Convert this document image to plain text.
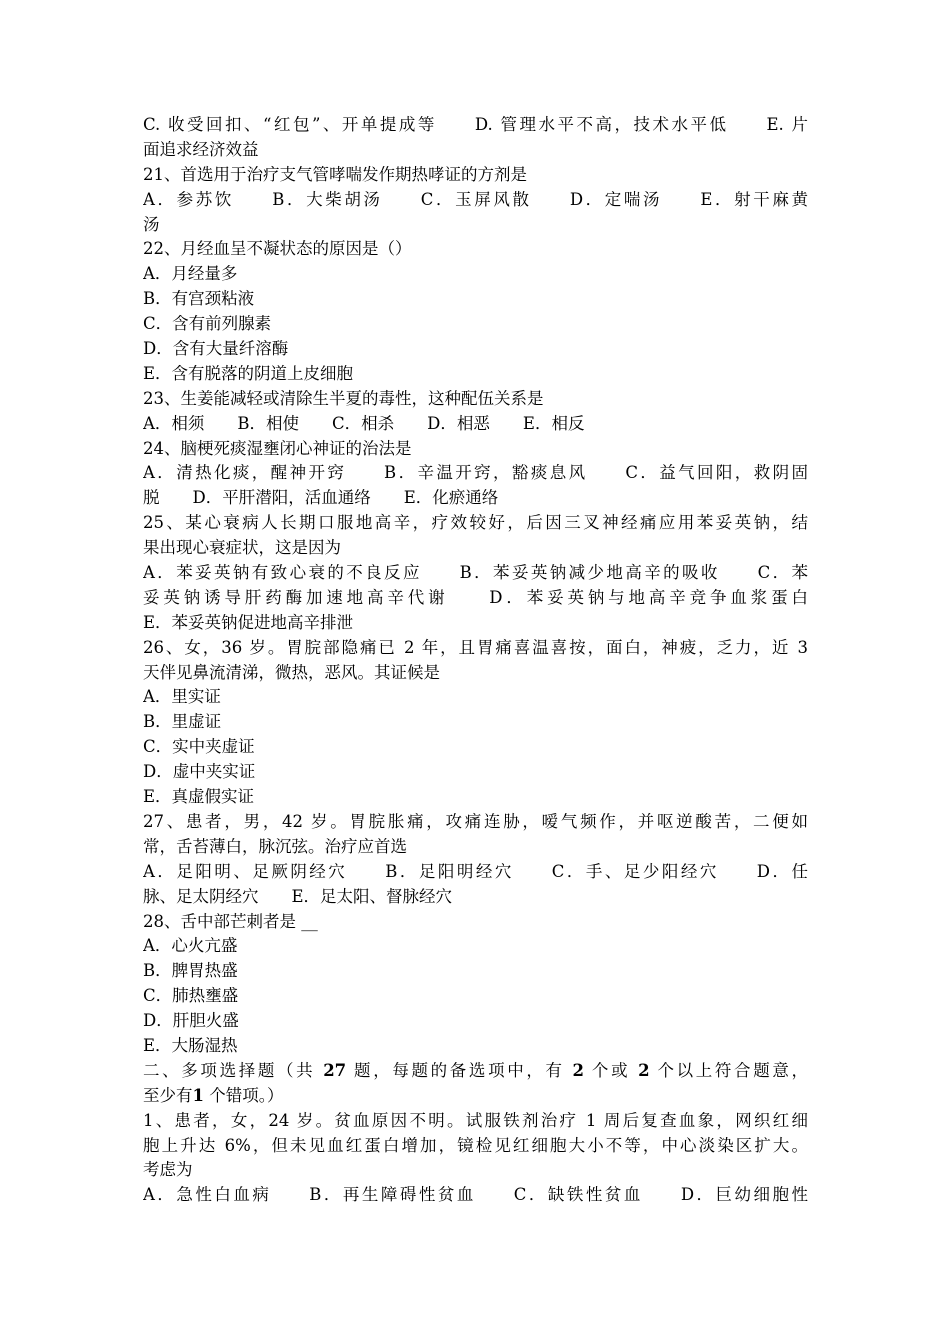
C. 收受回扣、“红包”、开单提成等　　D. 管理水平不高，技术水平低　　E. 片

面追求经济效益

21、首选用于治疗支气管哮喘发作期热哮证的方剂是

A．参苏饮　　B．大柴胡汤　　C．玉屏风散　　D．定喘汤　　E．射干麻黄

汤

22、月经血呈不凝状态的原因是（）

A．月经量多

B．有宫颈粘液

C．含有前列腺素

D．含有大量纤溶酶

E．含有脱落的阴道上皮细胞

23、生姜能减轻或清除生半夏的毒性，这种配伍关系是

A．相须　　B．相使　　C．相杀　　D．相恶　　E．相反

24、脑梗死痰湿壅闭心神证的治法是

A．清热化痰，醒神开窍　　B．辛温开窍，豁痰息风　　C．益气回阳，救阴固

脱　　D．平肝潜阳，活血通络　　E．化瘀通络

25、某心衰病人长期口服地高辛，疗效较好，后因三叉神经痛应用苯妥英钠，结

果出现心衰症状，这是因为

A．苯妥英钠有致心衰的不良反应　　B．苯妥英钠减少地高辛的吸收　　C．苯

妥英钠诱导肝药酶加速地高辛代谢　　D．苯妥英钠与地高辛竞争血浆蛋白

E．苯妥英钠促进地高辛排泄

26、女，36 岁。胃脘部隐痛已 2 年，且胃痛喜温喜按，面白，神疲，乏力，近 3

天伴见鼻流清涕，微热，恶风。其证候是

A．里实证

B．里虚证

C．实中夹虚证

D．虚中夹实证

E．真虚假实证

27、患者，男，42 岁。胃脘胀痛，攻痛连胁，嗳气频作，并呕逆酸苦，二便如

常，舌苔薄白，脉沉弦。治疗应首选

A．足阳明、足厥阴经穴　　B．足阳明经穴　　C．手、足少阳经穴　　D．任

脉、足太阴经穴　　E．足太阳、督脉经穴

28、舌中部芒刺者是 __

A．心火亢盛

B．脾胃热盛

C．肺热壅盛

D．肝胆火盛

E．大肠湿热

二、多项选择题（共 27 题，每题的备选项中，有 2 个或 2 个以上符合题意，

至少有1 个错项。）

1、患者，女，24 岁。贫血原因不明。试服铁剂治疗 1 周后复查血象，网织红细

胞上升达 6%，但未见血红蛋白增加，镜检见红细胞大小不等，中心淡染区扩大。

考虑为

A．急性白血病　　B．再生障碍性贫血　　C．缺铁性贫血　　D．巨幼细胞性
